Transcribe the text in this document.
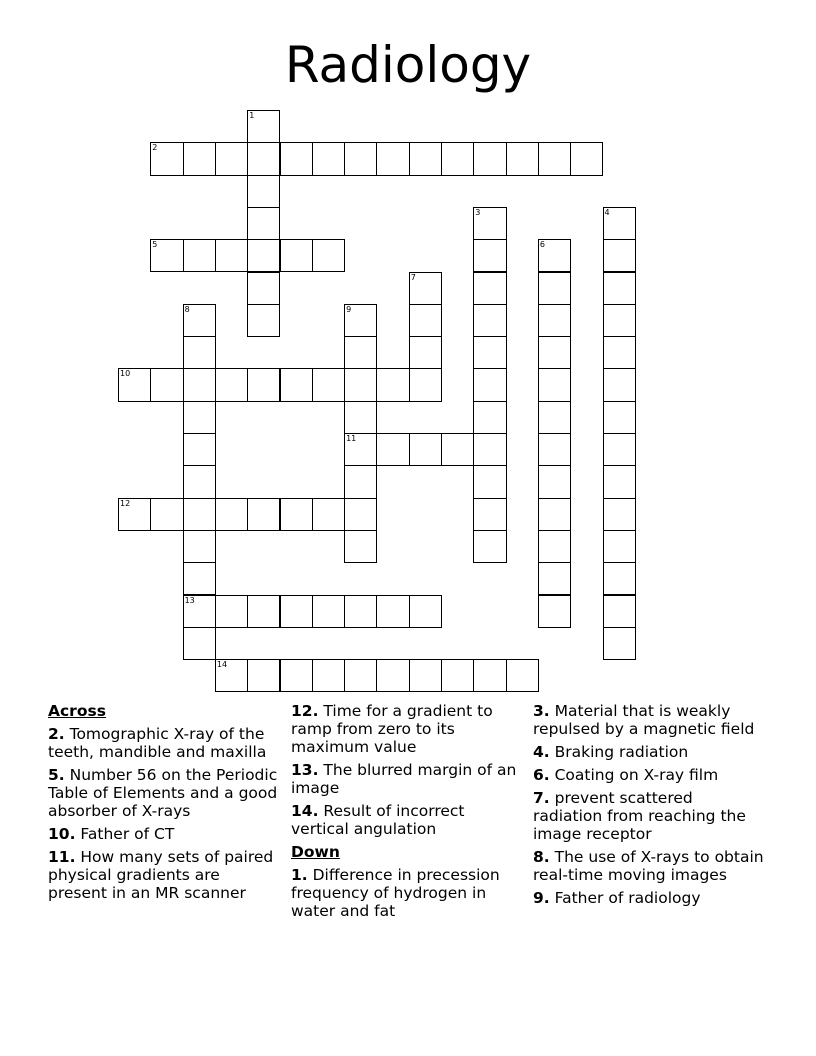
Radiology
1
2
3	4
5	6
7
8
13
9
11
10
12
14
Across
2. Tomographic X-ray of the teeth, mandible and maxilla
5. Number 56 on the Periodic Table of Elements and a good absorber of X-rays
10. Father of CT
11. How many sets of paired physical gradients are present in an MR scanner
12. Time for a gradient to ramp from zero to its maximum value
13. The blurred margin of an image
14. Result of incorrect vertical angulation
Down
1. Difference in precession frequency of hydrogen in water and fat
3. Material that is weakly repulsed by a magnetic field
4. Braking radiation
6. Coating on X-ray film
7. prevent scattered radiation from reaching the image receptor
8. The use of X-rays to obtain real-time moving images
9. Father of radiology
